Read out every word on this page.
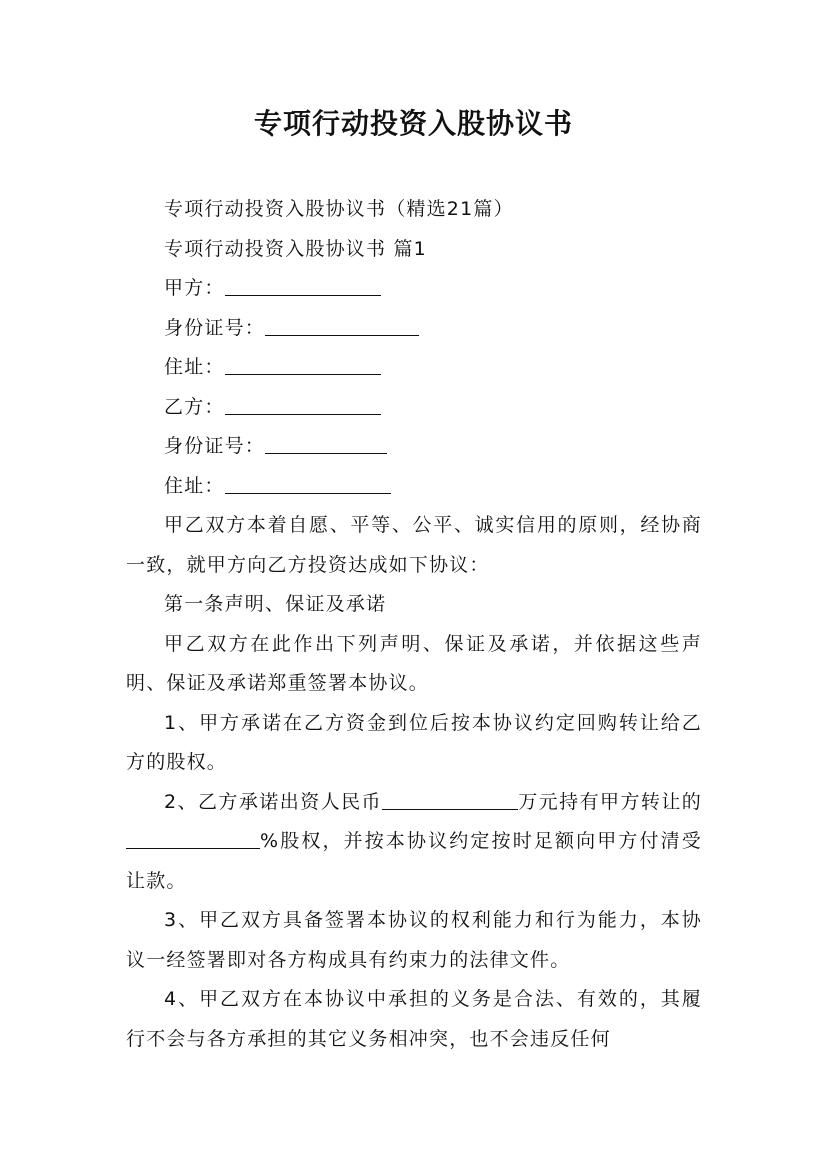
专项行动投资入股协议书

专项行动投资入股协议书（精选21篇）

专项行动投资入股协议书 篇1

甲方：

身份证号：

住址：

乙方：

身份证号：

住址：

甲乙双方本着自愿、平等、公平、诚实信用的原则，经协商一致，就甲方向乙方投资达成如下协议：

第一条声明、保证及承诺

甲乙双方在此作出下列声明、保证及承诺，并依据这些声明、保证及承诺郑重签署本协议。

1、甲方承诺在乙方资金到位后按本协议约定回购转让给乙方的股权。

2、乙方承诺出资人民币	万元持有甲方转让的%股权，并按本协议约定按时足额向甲方付清受让款。

3、甲乙双方具备签署本协议的权利能力和行为能力，本协议一经签署即对各方构成具有约束力的法律文件。

4、甲乙双方在本协议中承担的义务是合法、有效的，其履行不会与各方承担的其它义务相冲突，也不会违反任何
